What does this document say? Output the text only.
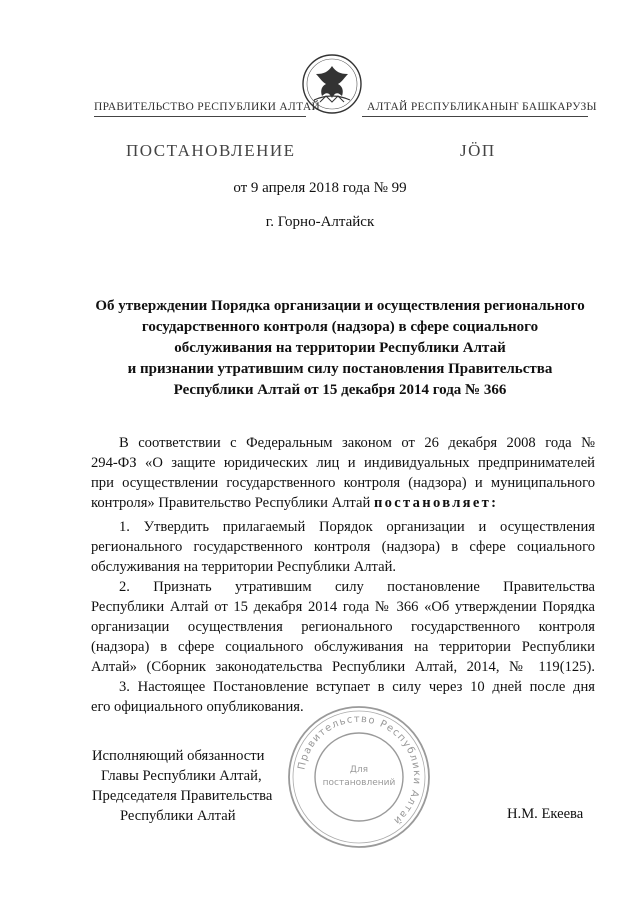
ПРАВИТЕЛЬСТВО РЕСПУБЛИКИ АЛТАЙ	АЛТАЙ РЕСПУБЛИКАНЫҤ БАШКАРУЗЫ
ПОСТАНОВЛЕНИЕ	ЈӦП
от 9 апреля 2018 года № 99
г. Горно-Алтайск
Об утверждении Порядка организации и осуществления регионального
государственного контроля (надзора) в сфере социального
обслуживания на территории Республики Алтай
и признании утратившим силу постановления Правительства
Республики Алтай от 15 декабря 2014 года № 366
В соответствии с Федеральным законом от 26 декабря 2008 года №
294-ФЗ «О защите юридических лиц и индивидуальных предпринимателей
при осуществлении государственного контроля (надзора) и муниципального
контроля» Правительство Республики Алтай постановляет:
1. Утвердить прилагаемый Порядок организации и осуществления
регионального государственного контроля (надзора) в сфере социального
обслуживания на территории Республики Алтай.
2. Признать утратившим силу постановление Правительства
Республики Алтай от 15 декабря 2014 года № 366 «Об утверждении Порядка
организации осуществления регионального государственного контроля
(надзора) в сфере социального обслуживания на территории Республики
Алтай» (Сборник законодательства Республики Алтай, 2014, № 119(125).
3. Настоящее Постановление вступает в силу через 10 дней после дня
его официального опубликования.
Исполняющий обязанности
Главы Республики Алтай,
Председателя Правительства
Республики Алтай	Н.М. Екеева
Правительство Республики Алтай
Для
постановлений
